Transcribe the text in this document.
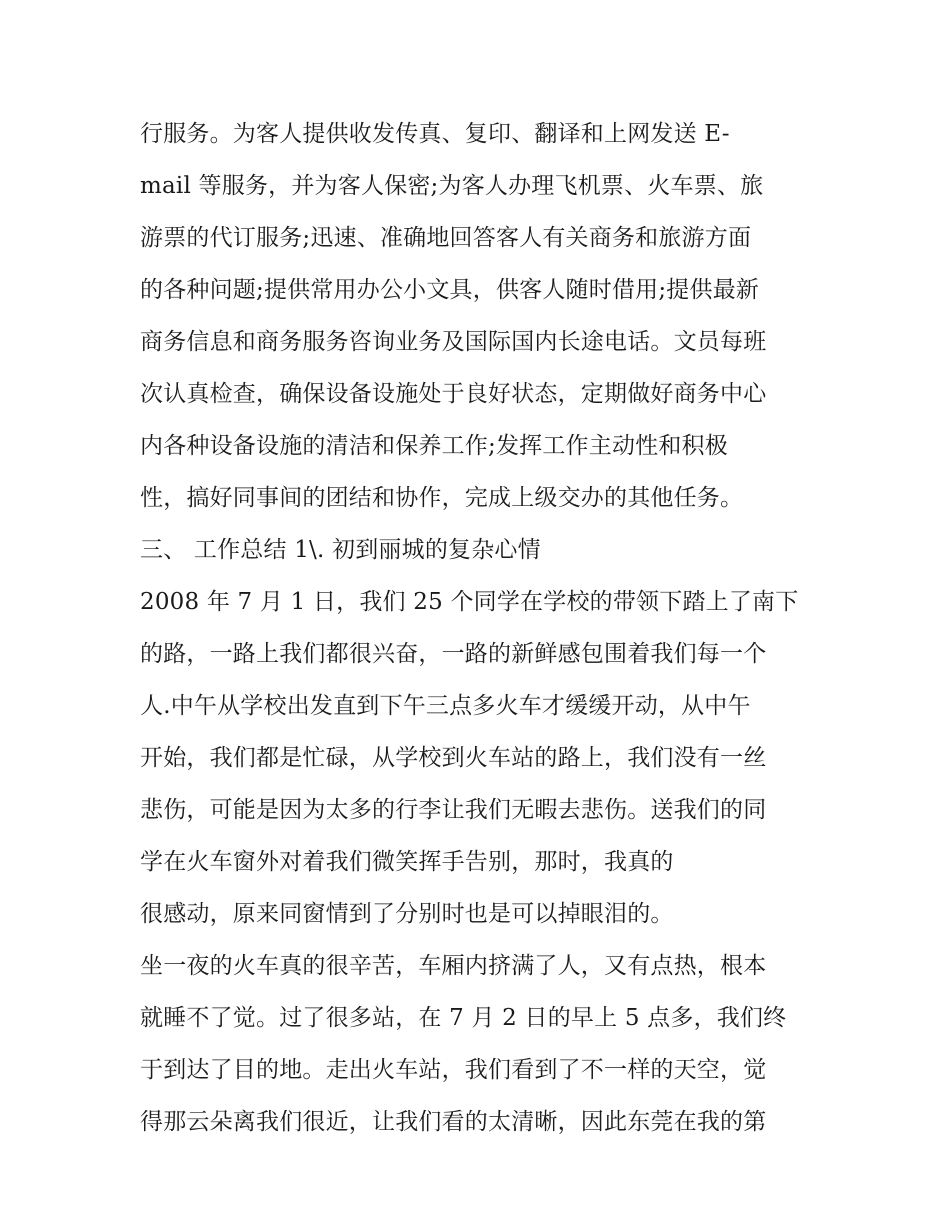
行服务。为客人提供收发传真、复印、翻译和上网发送 E-
mail 等服务，并为客人保密;为客人办理飞机票、火车票、旅
游票的代订服务;迅速、准确地回答客人有关商务和旅游方面
的各种问题;提供常用办公小文具，供客人随时借用;提供最新
商务信息和商务服务咨询业务及国际国内长途电话。文员每班
次认真检查，确保设备设施处于良好状态，定期做好商务中心
内各种设备设施的清洁和保养工作;发挥工作主动性和积极
性，搞好同事间的团结和协作，完成上级交办的其他任务。
三、 工作总结 1\. 初到丽城的复杂心情
2008 年 7 月 1 日，我们 25 个同学在学校的带领下踏上了南下
的路，一路上我们都很兴奋，一路的新鲜感包围着我们每一个
人.中午从学校出发直到下午三点多火车才缓缓开动，从中午
开始，我们都是忙碌，从学校到火车站的路上，我们没有一丝
悲伤，可能是因为太多的行李让我们无暇去悲伤。送我们的同
学在火车窗外对着我们微笑挥手告别，那时，我真的
很感动，原来同窗情到了分别时也是可以掉眼泪的。
坐一夜的火车真的很辛苦，车厢内挤满了人，又有点热，根本
就睡不了觉。过了很多站，在 7 月 2 日的早上 5 点多，我们终
于到达了目的地。走出火车站，我们看到了不一样的天空，觉
得那云朵离我们很近，让我们看的太清晰，因此东莞在我的第
